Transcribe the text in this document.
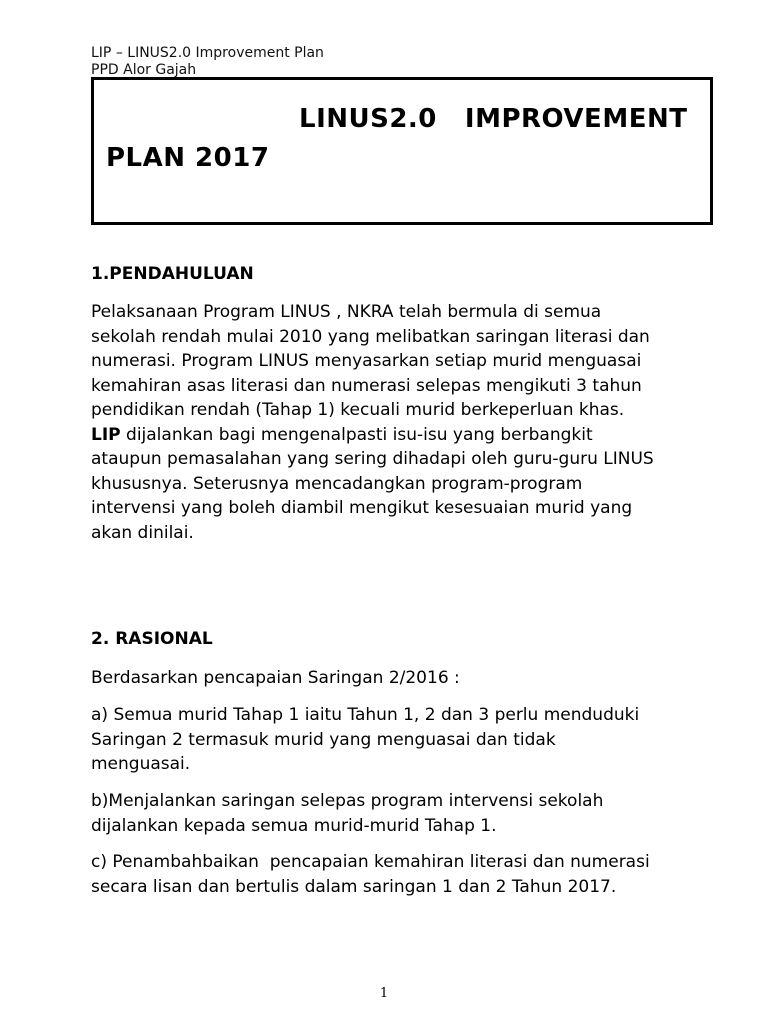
LIP – LINUS2.0 Improvement Plan
PPD Alor Gajah
LINUS2.0 IMPROVEMENT
PLAN 2017
1.PENDAHULUAN
Pelaksanaan Program LINUS , NKRA telah bermula di semua
sekolah rendah mulai 2010 yang melibatkan saringan literasi dan
numerasi. Program LINUS menyasarkan setiap murid menguasai
kemahiran asas literasi dan numerasi selepas mengikuti 3 tahun
pendidikan rendah (Tahap 1) kecuali murid berkeperluan khas.
LIP dijalankan bagi mengenalpasti isu-isu yang berbangkit
ataupun pemasalahan yang sering dihadapi oleh guru-guru LINUS
khususnya. Seterusnya mencadangkan program-program
intervensi yang boleh diambil mengikut kesesuaian murid yang
akan dinilai.
2. RASIONAL
Berdasarkan pencapaian Saringan 2/2016 :
a) Semua murid Tahap 1 iaitu Tahun 1, 2 dan 3 perlu menduduki
Saringan 2 termasuk murid yang menguasai dan tidak
menguasai.
b)Menjalankan saringan selepas program intervensi sekolah
dijalankan kepada semua murid-murid Tahap 1.
c) Penambahbaikan  pencapaian kemahiran literasi dan numerasi
secara lisan dan bertulis dalam saringan 1 dan 2 Tahun 2017.
1
